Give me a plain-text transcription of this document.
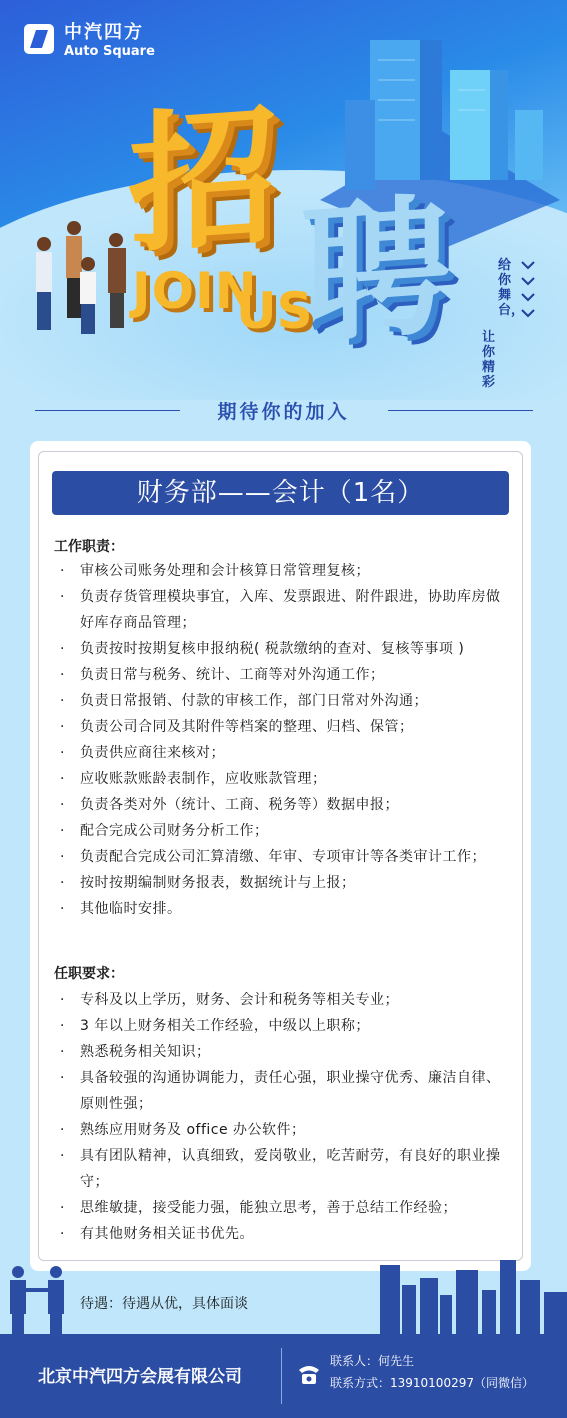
中汽四方
Auto Square
招 聘
JOIN
US
给你舞台，
让你精彩
期待你的加入
财务部——会计（1名）
工作职责：
· 审核公司账务处理和会计核算日常管理复核；
· 负责存货管理模块事宜，入库、发票跟进、附件跟进，协助库房做好库存商品管理；
· 负责按时按期复核申报纳税( 税款缴纳的查对、复核等事项 )
· 负责日常与税务、统计、工商等对外沟通工作；
· 负责日常报销、付款的审核工作，部门日常对外沟通；
· 负责公司合同及其附件等档案的整理、归档、保管；
· 负责供应商往来核对；
· 应收账款账龄表制作，应收账款管理；
· 负责各类对外（统计、工商、税务等）数据申报；
· 配合完成公司财务分析工作；
· 负责配合完成公司汇算清缴、年审、专项审计等各类审计工作；
· 按时按期编制财务报表，数据统计与上报；
· 其他临时安排。
任职要求：
· 专科及以上学历，财务、会计和税务等相关专业；
· 3 年以上财务相关工作经验，中级以上职称；
· 熟悉税务相关知识；
· 具备较强的沟通协调能力，责任心强，职业操守优秀、廉洁自律、原则性强；
· 熟练应用财务及 office 办公软件；
· 具有团队精神，认真细致，爱岗敬业，吃苦耐劳，有良好的职业操守；
· 思维敏捷，接受能力强，能独立思考，善于总结工作经验；
· 有其他财务相关证书优先。
待遇：待遇从优，具体面谈
北京中汽四方会展有限公司
联系人：何先生
联系方式：13910100297（同微信）
